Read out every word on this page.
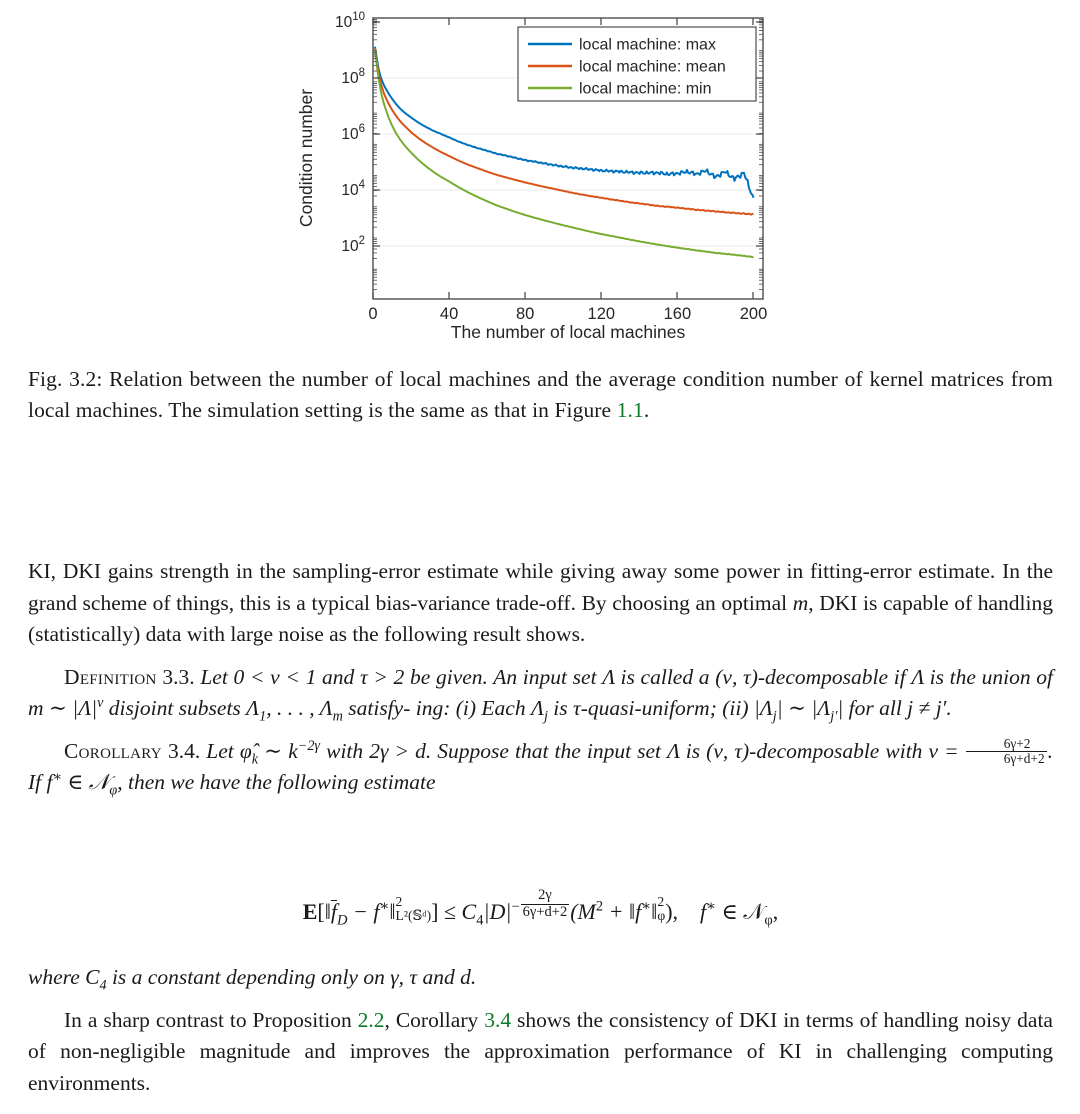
$10^{10}$
$10^8$
$10^6$
$10^4$
$10^2$
0	40	80	120	160	200
The number of local machines
Condition number
local machine: max
local machine: mean
local machine: min
Fig. 3.2: Relation between the number of local machines and the average condition number of kernel matrices from local machines. The simulation setting is the same as that in Figure 1.1.

KI, DKI gains strength in the sampling-error estimate while giving away some power in fitting-error estimate. In the grand scheme of things, this is a typical bias-variance trade-off. By choosing an optimal m, DKI is capable of handling (statistically) data with large noise as the following result shows.

Definition 3.3. Let 0 < ν < 1 and τ > 2 be given. An input set Λ is called a (ν, τ)-decomposable if Λ is the union of m ∼ $|\Lambda|^\nu$ disjoint subsets $\Lambda_1$, . . . , $\Lambda_m$ satisfy- ing: (i) Each $\Lambda_j$ is τ-quasi-uniform; (ii) $|\Lambda_j|$ ∼ $|\Lambda_{j'}|$ for all j ≠ j′.

Corollary 3.4. Let $\varphî_k$ ∼ $k^{-2\gamma}$ with 2γ > d. Suppose that the input set Λ is (ν, τ)-decomposable with $\nu = \frac{6\gamma+2}{6\gamma+d+2}$ . If f∗ ∈ 𝒩$_\varphi$, then we have the following estimate

$E[‖f_D$ − f∗‖ 2
L²(𝕊ᵈ) ] ≤ $C_4|D|^{- \frac{2\gamma}{6\gamma+d+2}}$ ($M^2$ + ‖f∗‖ 2
φ ), f∗ ∈ 𝒩$_\varphi$,

where $C_4$ is a constant depending only on γ, τ and d.

In a sharp contrast to Proposition 2.2, Corollary 3.4 shows the consistency of DKI in terms of handling noisy data of non-negligible magnitude and improves the approximation performance of KI in challenging computing environments.
